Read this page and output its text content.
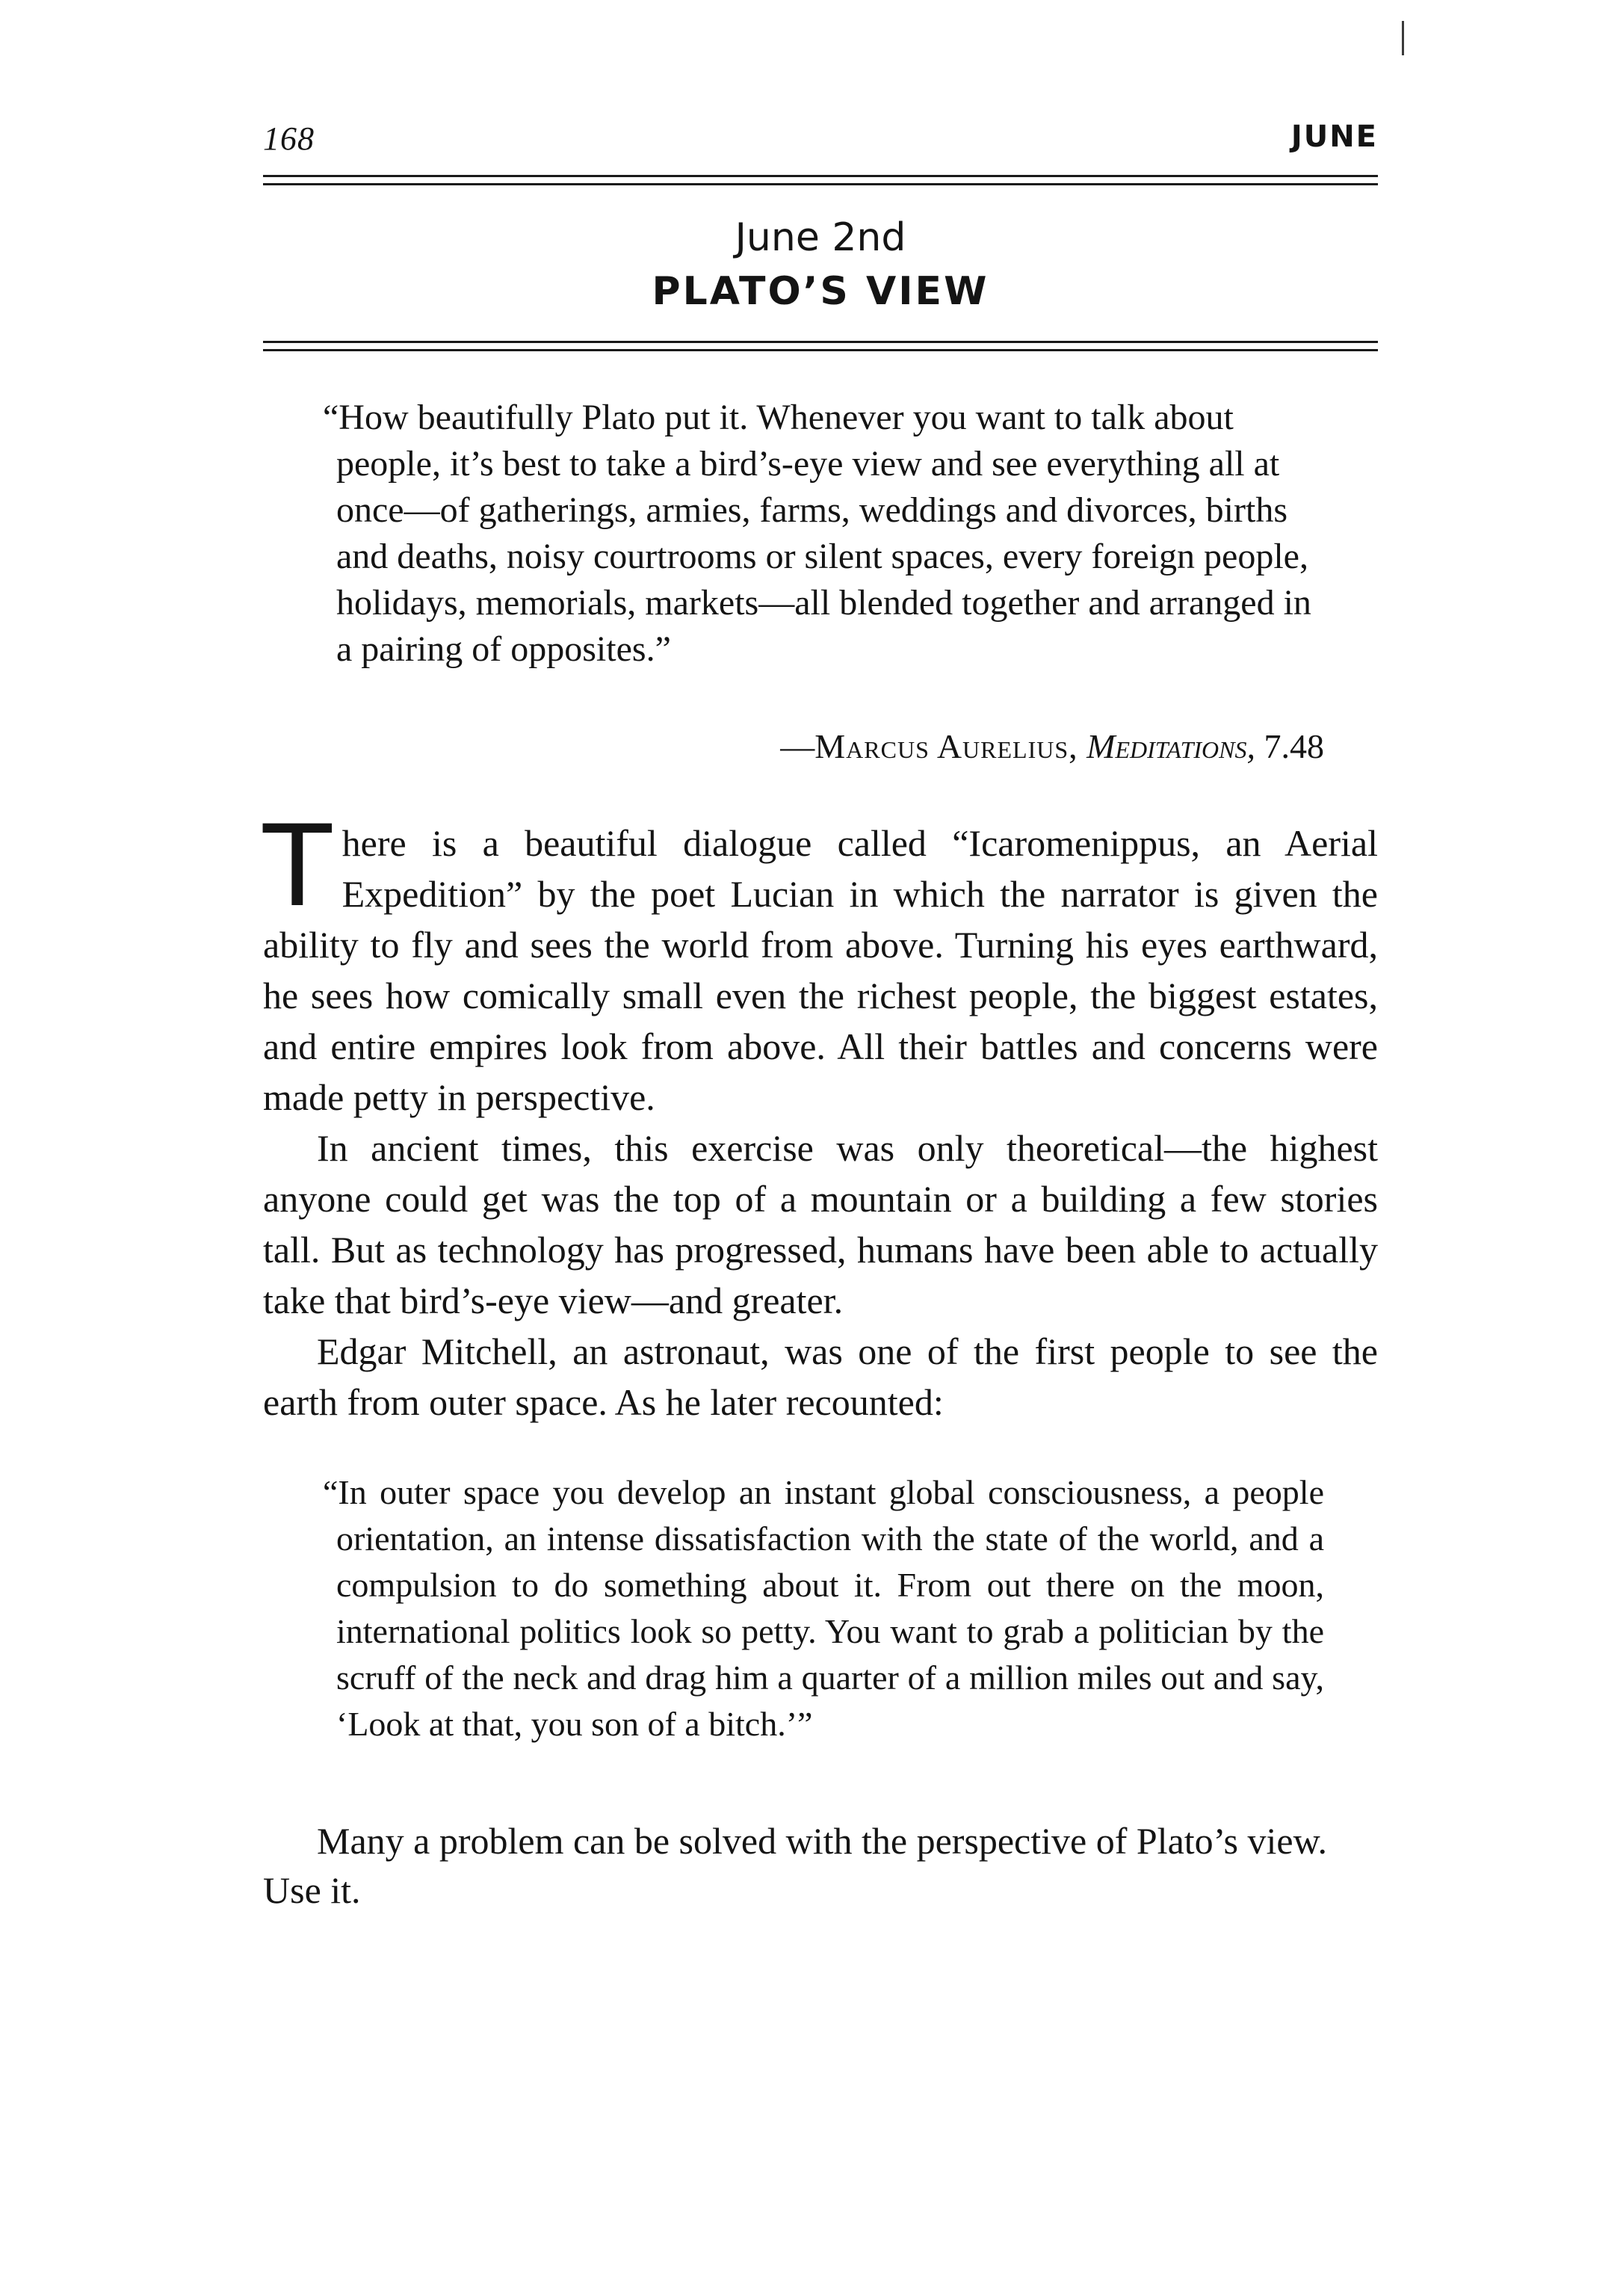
168	JUNE
June 2nd
PLATO’S VIEW
“How beautifully Plato put it. Whenever you want to talk about people, it’s best to take a bird’s-eye view and see everything all at once—of gatherings, armies, farms, weddings and divorces, births and deaths, noisy courtrooms or silent spaces, every foreign people, holidays, memorials, markets—all blended together and arranged in a pairing of opposites.”
—Marcus Aurelius, Meditations, 7.48

There is a beautiful dialogue called “Icaromenippus, an Aerial Expedition” by the poet Lucian in which the narrator is given the ability to fly and sees the world from above. Turning his eyes earthward, he sees how comically small even the richest people, the biggest estates, and entire empires look from above. All their battles and concerns were made petty in perspective.

In ancient times, this exercise was only theoretical—the highest anyone could get was the top of a mountain or a building a few stories tall. But as technology has progressed, humans have been able to actually take that bird’s-eye view—and greater.

Edgar Mitchell, an astronaut, was one of the first people to see the earth from outer space. As he later recounted:

“In outer space you develop an instant global consciousness, a people orientation, an intense dissatisfaction with the state of the world, and a compulsion to do something about it. From out there on the moon, international politics look so petty. You want to grab a politician by the scruff of the neck and drag him a quarter of a million miles out and say, ‘Look at that, you son of a bitch.’”

Many a problem can be solved with the perspective of Plato’s view. Use it.
